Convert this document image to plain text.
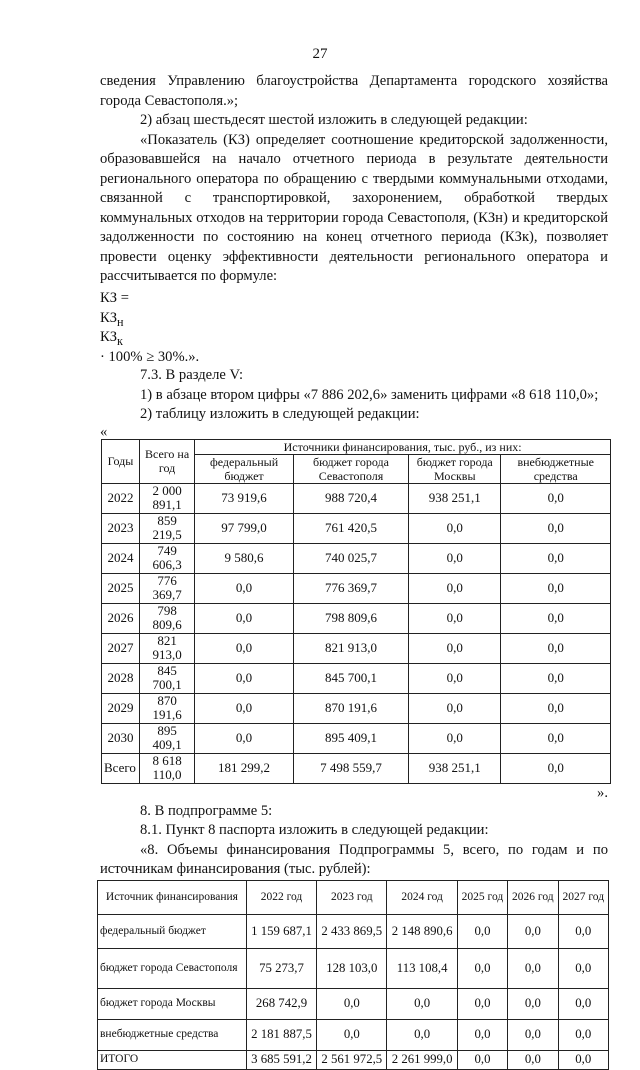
27

сведения Управлению благоустройства Департамента городского хозяйства города Севастополя.»;

2) абзац шестьдесят шестой изложить в следующей редакции:

«Показатель (КЗ) определяет соотношение кредиторской задолженности, образовавшейся на начало отчетного периода в результате деятельности регионального оператора по обращению с твердыми коммунальными отходами, связанной с транспортировкой, захоронением, обработкой твердых коммунальных отходов на территории города Севастополя, (КЗн) и кредиторской задолженности по состоянию на конец отчетного периода (КЗк), позволяет провести оценку эффективности деятельности регионального оператора и рассчитывается по формуле:

КЗ =

$КЗ_н$
$КЗ_к$
· 100% ≥ 30%.».

7.3. В разделе V:

1) в абзаце втором цифры «7 886 202,6» заменить цифрами «8 618 110,0»;

2) таблицу изложить в следующей редакции:

«

Годы	Всего на год	Источники финансирования, тыс. руб., из них:			
		федеральный бюджет	бюджет города Севастополя	бюджет города Москвы	внебюджетные средства
2022	2 000 891,1	73 919,6	988 720,4	938 251,1	0,0
2023	859 219,5	97 799,0	761 420,5	0,0	0,0
2024	749 606,3	9 580,6	740 025,7	0,0	0,0
2025	776 369,7	0,0	776 369,7	0,0	0,0
2026	798 809,6	0,0	798 809,6	0,0	0,0
2027	821 913,0	0,0	821 913,0	0,0	0,0
2028	845 700,1	0,0	845 700,1	0,0	0,0
2029	870 191,6	0,0	870 191,6	0,0	0,0
2030	895 409,1	0,0	895 409,1	0,0	0,0
Всего	8 618 110,0	181 299,2	7 498 559,7	938 251,1	0,0

».

8. В подпрограмме 5:

8.1. Пункт 8 паспорта изложить в следующей редакции:

«8. Объемы финансирования Подпрограммы 5, всего, по годам и по источникам финансирования (тыс. рублей):

Источник финансирования	2022 год	2023 год	2024 год	2025 год	2026 год	2027 год
федеральный бюджет	1 159 687,1	2 433 869,5	2 148 890,6	0,0	0,0	0,0
бюджет города Севастополя	75 273,7	128 103,0	113 108,4	0,0	0,0	0,0
бюджет города Москвы	268 742,9	0,0	0,0	0,0	0,0	0,0
внебюджетные средства	2 181 887,5	0,0	0,0	0,0	0,0	0,0
ИТОГО	3 685 591,2	2 561 972,5	2 261 999,0	0,0	0,0	0,0
